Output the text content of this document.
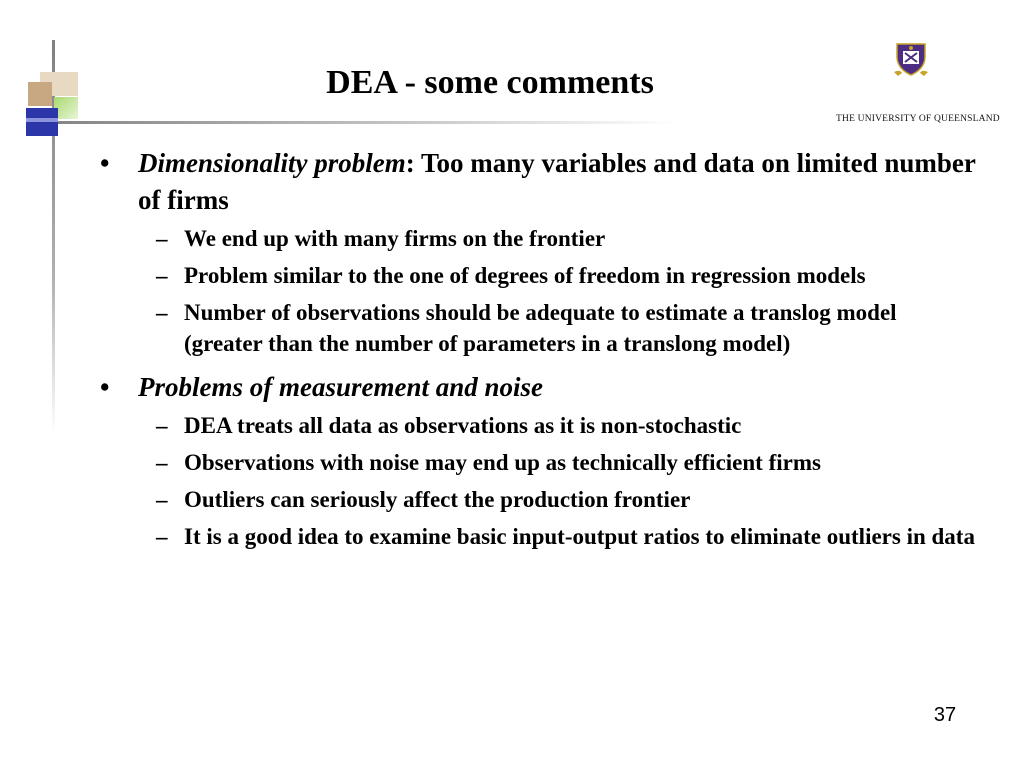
DEA - some comments
THE UNIVERSITY OF QUEENSLAND
• Dimensionality problem: Too many variables and data on limited number of firms
– We end up with many firms on the frontier
– Problem similar to the one of degrees of freedom in regression models
– Number of observations should be adequate to estimate a translog model (greater than the number of parameters in a translong model)
• Problems of measurement and noise
– DEA treats all data as observations as it is non-stochastic
– Observations with noise may end up as technically efficient firms
– Outliers can seriously affect the production frontier
– It is a good idea to examine basic input-output ratios to eliminate outliers in data
37
